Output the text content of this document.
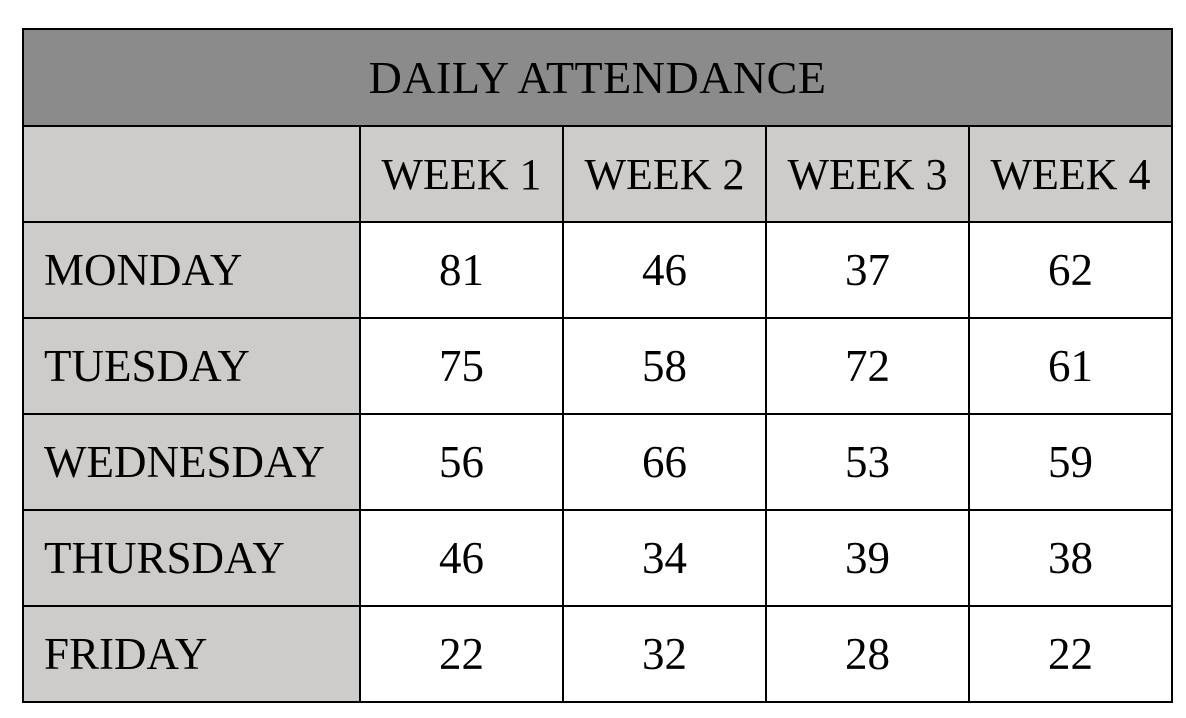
DAILY ATTENDANCE				
	WEEK 1	WEEK 2	WEEK 3	WEEK 4
MONDAY	81	46	37	62
TUESDAY	75	58	72	61
WEDNESDAY	56	66	53	59
THURSDAY	46	34	39	38
FRIDAY	22	32	28	22
